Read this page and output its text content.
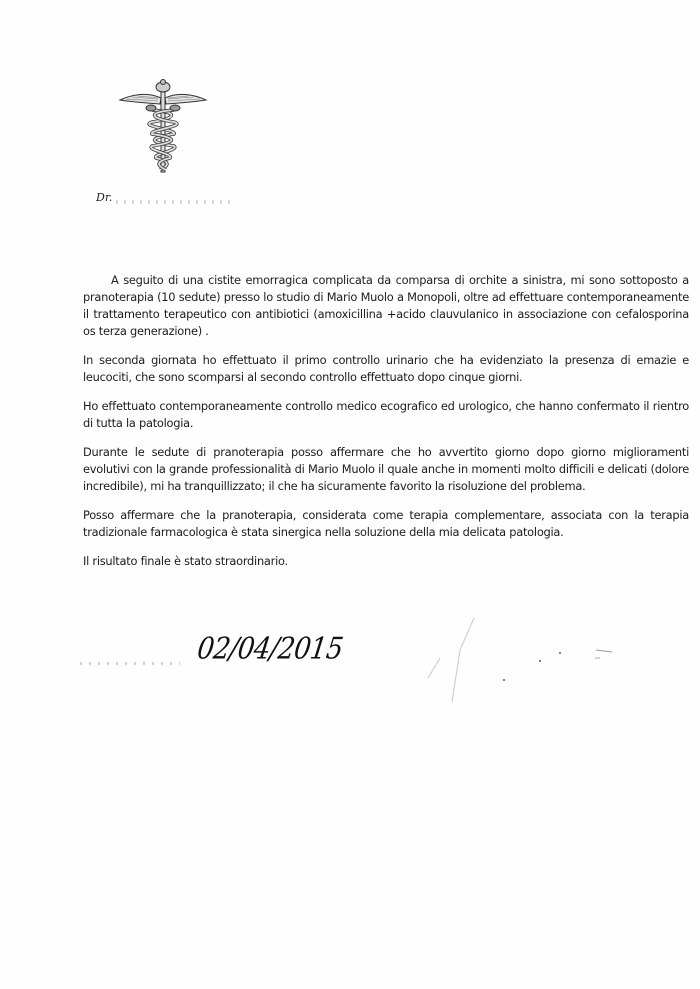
Dr.

A seguito di una cistite emorragica complicata da comparsa di orchite a sinistra, mi sono sottoposto a pranoterapia (10 sedute) presso lo studio di Mario Muolo a Monopoli, oltre ad effettuare contemporaneamente il trattamento terapeutico con antibiotici (amoxicillina +acido clauvulanico in associazione con cefalosporina os terza generazione) .

In seconda giornata ho effettuato il primo controllo urinario che ha evidenziato la presenza di emazie e leucociti, che sono scomparsi al secondo controllo effettuato dopo cinque giorni.

Ho effettuato contemporaneamente controllo medico ecografico ed urologico, che hanno confermato il rientro di tutta la patologia.

Durante le sedute di pranoterapia posso affermare che ho avvertito giorno dopo giorno miglioramenti evolutivi con la grande professionalità di Mario Muolo il quale anche in momenti molto difficili e delicati (dolore incredibile), mi ha tranquillizzato; il che ha sicuramente favorito la risoluzione del problema.

Posso affermare che la pranoterapia, considerata come terapia complementare, associata con la terapia tradizionale farmacologica è stata sinergica nella soluzione della mia delicata patologia.

Il risultato finale è stato straordinario.

02/04/2015
